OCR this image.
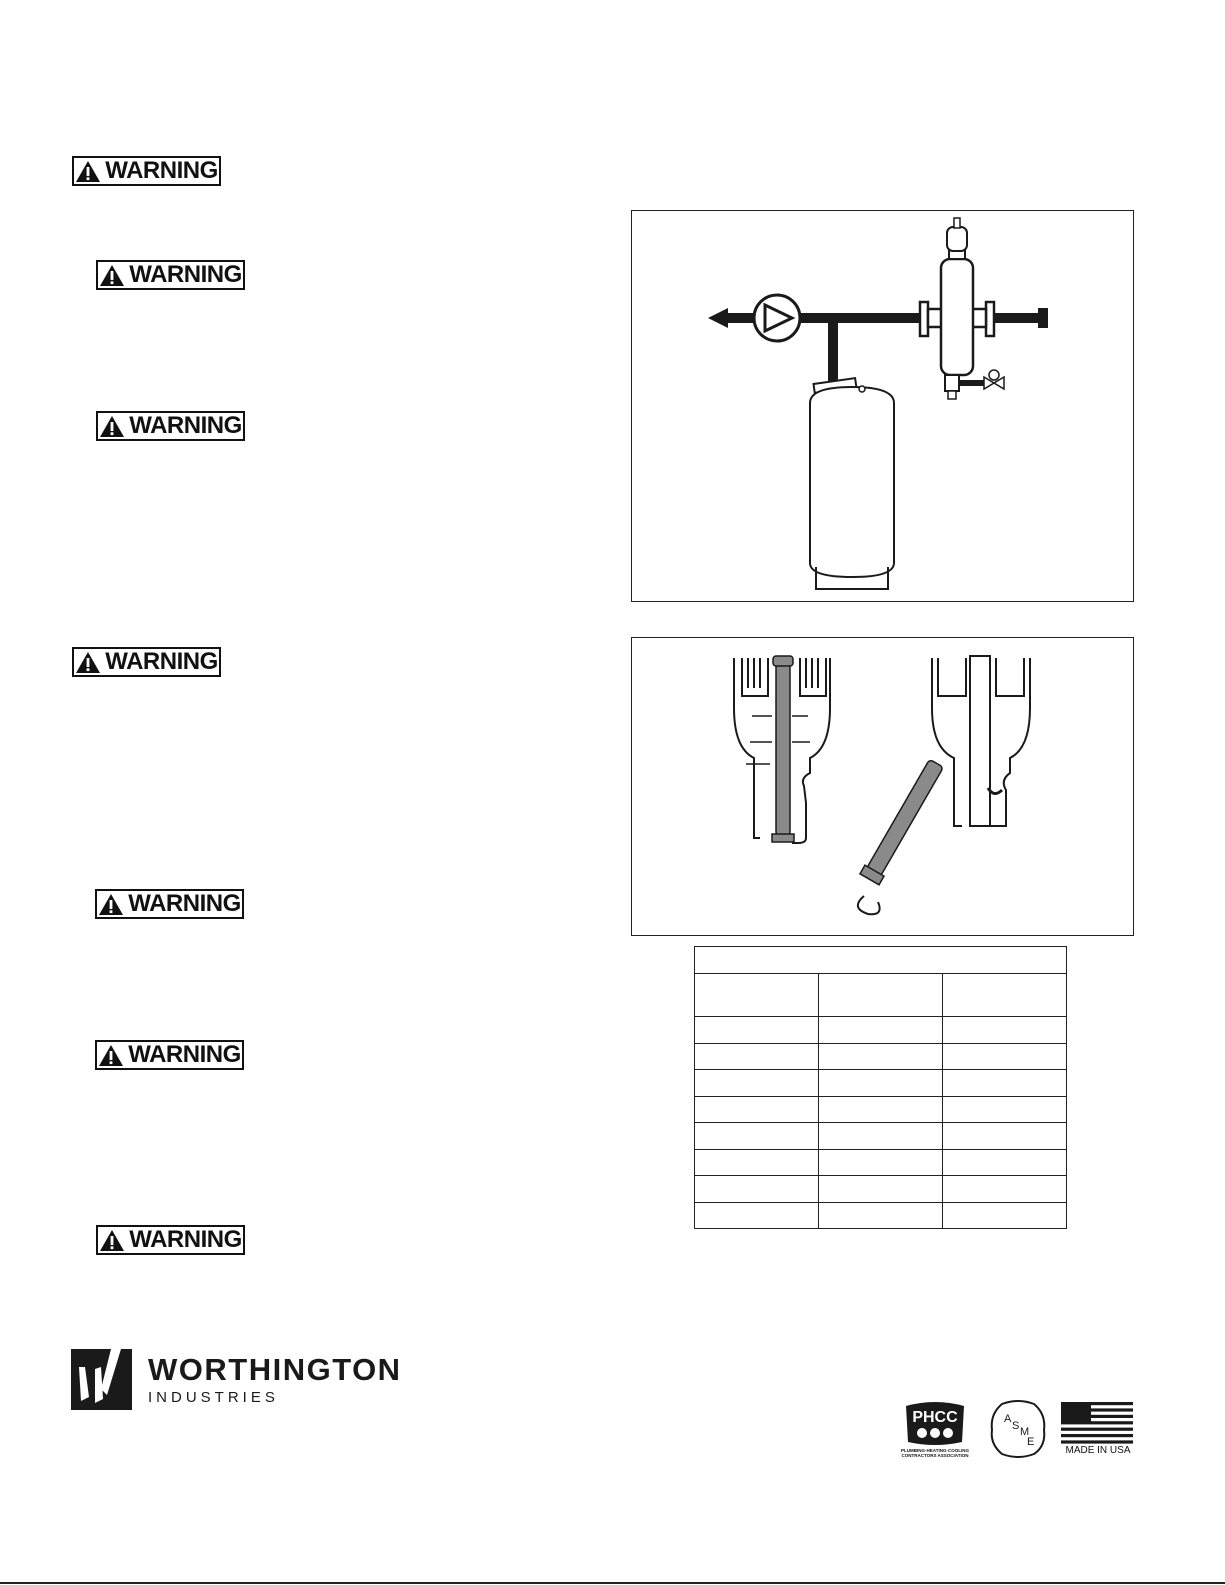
WARNING
WARNING
WARNING
WARNING
WARNING
WARNING
WARNING

WORTHINGTON
INDUSTRIES
PHCC
PLUMBING·HEATING·COOLING CONTRACTORS ASSOCIATION
A
S M
E
MADE IN USA
